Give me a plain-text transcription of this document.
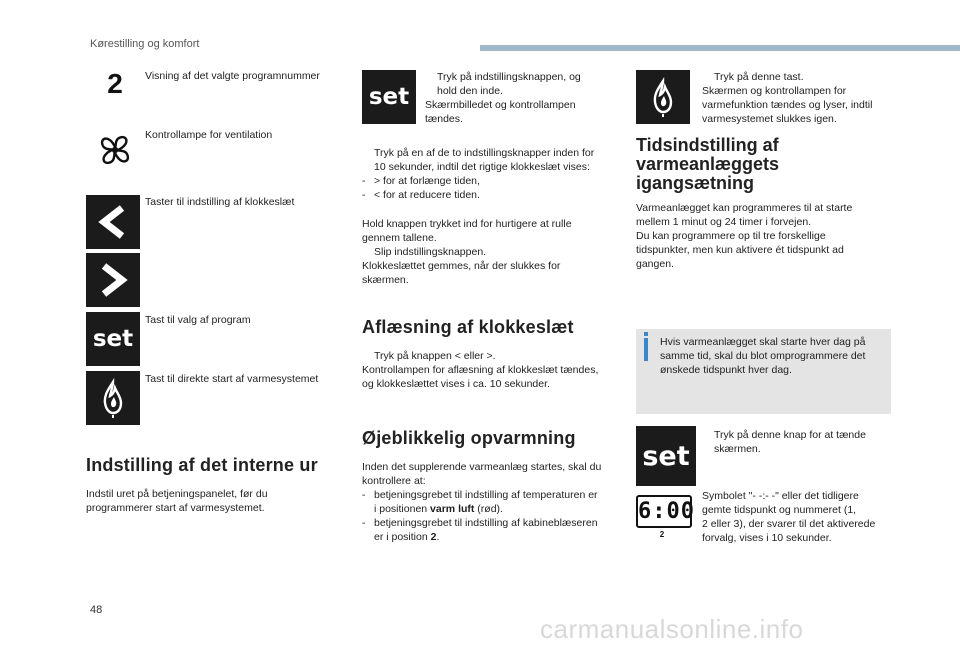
Kørestilling og komfort
2	Visning af det valgte programnummer
Kontrollampe for ventilation
Taster til indstilling af klokkeslæt
set
Tast til valg af program
Tast til direkte start af varmesystemet
Indstilling af det interne ur
Indstil uret på betjeningspanelet, før du programmerer start af varmesystemet.
set
Tryk på indstillingsknappen, og
hold den inde.
Skærmbilledet og kontrollampen
tændes.
Tryk på en af de to indstillingsknapper inden for
10 sekunder, indtil det rigtige klokkeslæt vises:
- > for at forlænge tiden,
- < for at reducere tiden.
Hold knappen trykket ind for hurtigere at rulle
gennem tallene.
Slip indstillingsknappen.
Klokkeslættet gemmes, når der slukkes for
skærmen.
Aflæsning af klokkeslæt
Tryk på knappen < eller >.
Kontrollampen for aflæsning af klokkeslæt tændes,
og klokkeslættet vises i ca. 10 sekunder.
Øjeblikkelig opvarmning
Inden det supplerende varmeanlæg startes, skal du
kontrollere at:
- betjeningsgrebet til indstilling af temperaturen er
i positionen varm luft (rød).
- betjeningsgrebet til indstilling af kabineblæseren
er i position 2.
Tryk på denne tast.
Skærmen og kontrollampen for
varmefunktion tændes og lyser, indtil
varmesystemet slukkes igen.
Tidsindstilling af
varmeanlæggets
igangsætning
Varmeanlægget kan programmeres til at starte
mellem 1 minut og 24 timer i forvejen.
Du kan programmere op til tre forskellige
tidspunkter, men kun aktivere ét tidspunkt ad
gangen.
Hvis varmeanlægget skal starte hver dag på
samme tid, skal du blot omprogrammere det
ønskede tidspunkt hver dag.
set
Tryk på denne knap for at tænde
skærmen.
6:00
2
Symbolet "- -:- -" eller det tidligere
gemte tidspunkt og nummeret (1,
2 eller 3), der svarer til det aktiverede
forvalg, vises i 10 sekunder.
48
carmanualsonline.info
